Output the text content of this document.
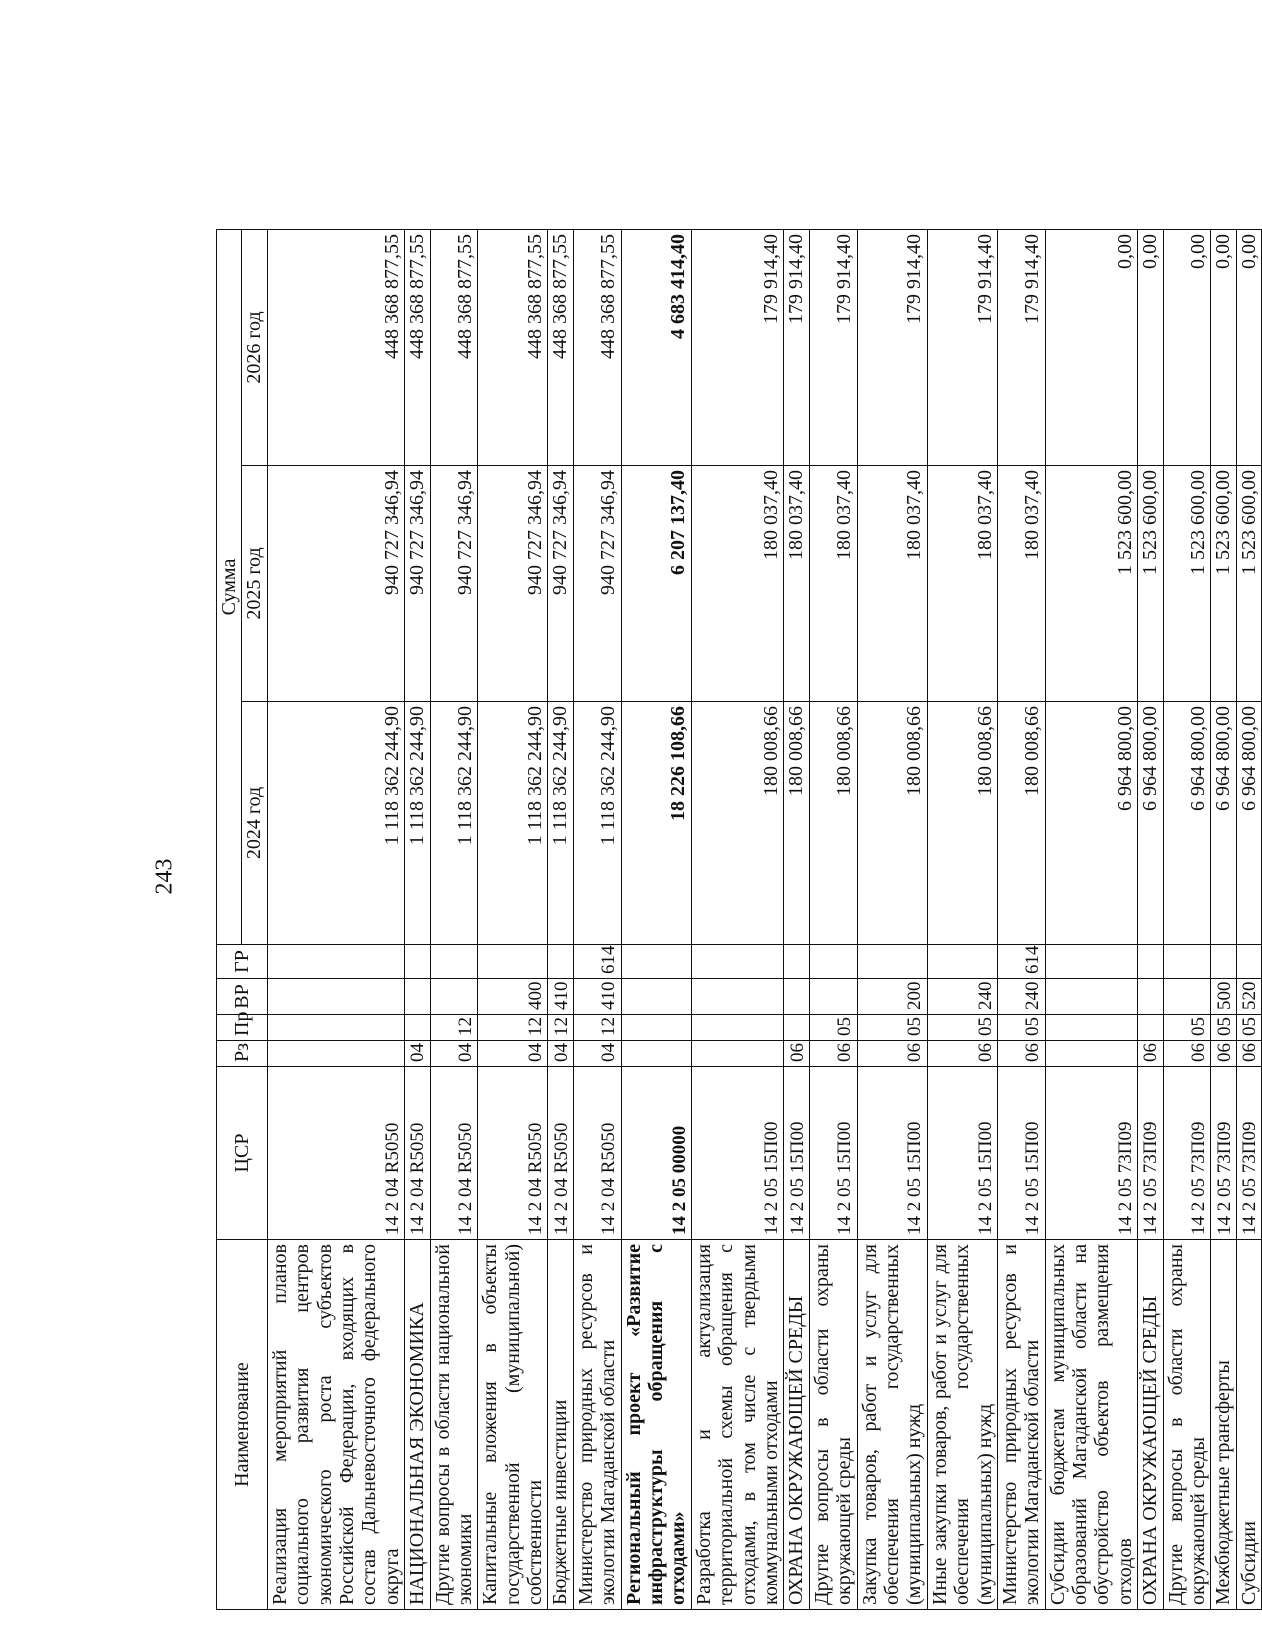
243
Наименование	ЦСР	Рз	Пр	ВР	ГР	Сумма		
						2024 год	2025 год	2026 год
Реализация мероприятий планов социального развития центров экономического роста субъектов Российской Федерации, входящих в состав Дальневосточного федерального округа	14 2 04 R5050					1 118 362 244,90	940 727 346,94	448 368 877,55
НАЦИОНАЛЬНАЯ ЭКОНОМИКА	14 2 04 R5050	04				1 118 362 244,90	940 727 346,94	448 368 877,55
Другие вопросы в области национальной экономики	14 2 04 R5050	04	12			1 118 362 244,90	940 727 346,94	448 368 877,55
Капитальные вложения в объекты государственной (муниципальной) собственности	14 2 04 R5050	04	12	400		1 118 362 244,90	940 727 346,94	448 368 877,55
Бюджетные инвестиции	14 2 04 R5050	04	12	410		1 118 362 244,90	940 727 346,94	448 368 877,55
Министерство природных ресурсов и экологии Магаданской области	14 2 04 R5050	04	12	410	614	1 118 362 244,90	940 727 346,94	448 368 877,55
Региональный проект «Развитие инфраструктуры обращения с отходами»	14 2 05 00000					18 226 108,66	6 207 137,40	4 683 414,40
Разработка и актуализация территориальной схемы обращения с отходами, в том числе с твердыми коммунальными отходами	14 2 05 15П00					180 008,66	180 037,40	179 914,40
ОХРАНА ОКРУЖАЮЩЕЙ СРЕДЫ	14 2 05 15П00	06				180 008,66	180 037,40	179 914,40
Другие вопросы в области охраны окружающей среды	14 2 05 15П00	06	05			180 008,66	180 037,40	179 914,40
Закупка товаров, работ и услуг для обеспечения государственных (муниципальных) нужд	14 2 05 15П00	06	05	200		180 008,66	180 037,40	179 914,40
Иные закупки товаров, работ и услуг для обеспечения государственных (муниципальных) нужд	14 2 05 15П00	06	05	240		180 008,66	180 037,40	179 914,40
Министерство природных ресурсов и экологии Магаданской области	14 2 05 15П00	06	05	240	614	180 008,66	180 037,40	179 914,40
Субсидии бюджетам муниципальных образований Магаданской области на обустройство объектов размещения отходов	14 2 05 73П09					6 964 800,00	1 523 600,00	0,00
ОХРАНА ОКРУЖАЮЩЕЙ СРЕДЫ	14 2 05 73П09	06				6 964 800,00	1 523 600,00	0,00
Другие вопросы в области охраны окружающей среды	14 2 05 73П09	06	05			6 964 800,00	1 523 600,00	0,00
Межбюджетные трансферты	14 2 05 73П09	06	05	500		6 964 800,00	1 523 600,00	0,00
Субсидии	14 2 05 73П09	06	05	520		6 964 800,00	1 523 600,00	0,00
